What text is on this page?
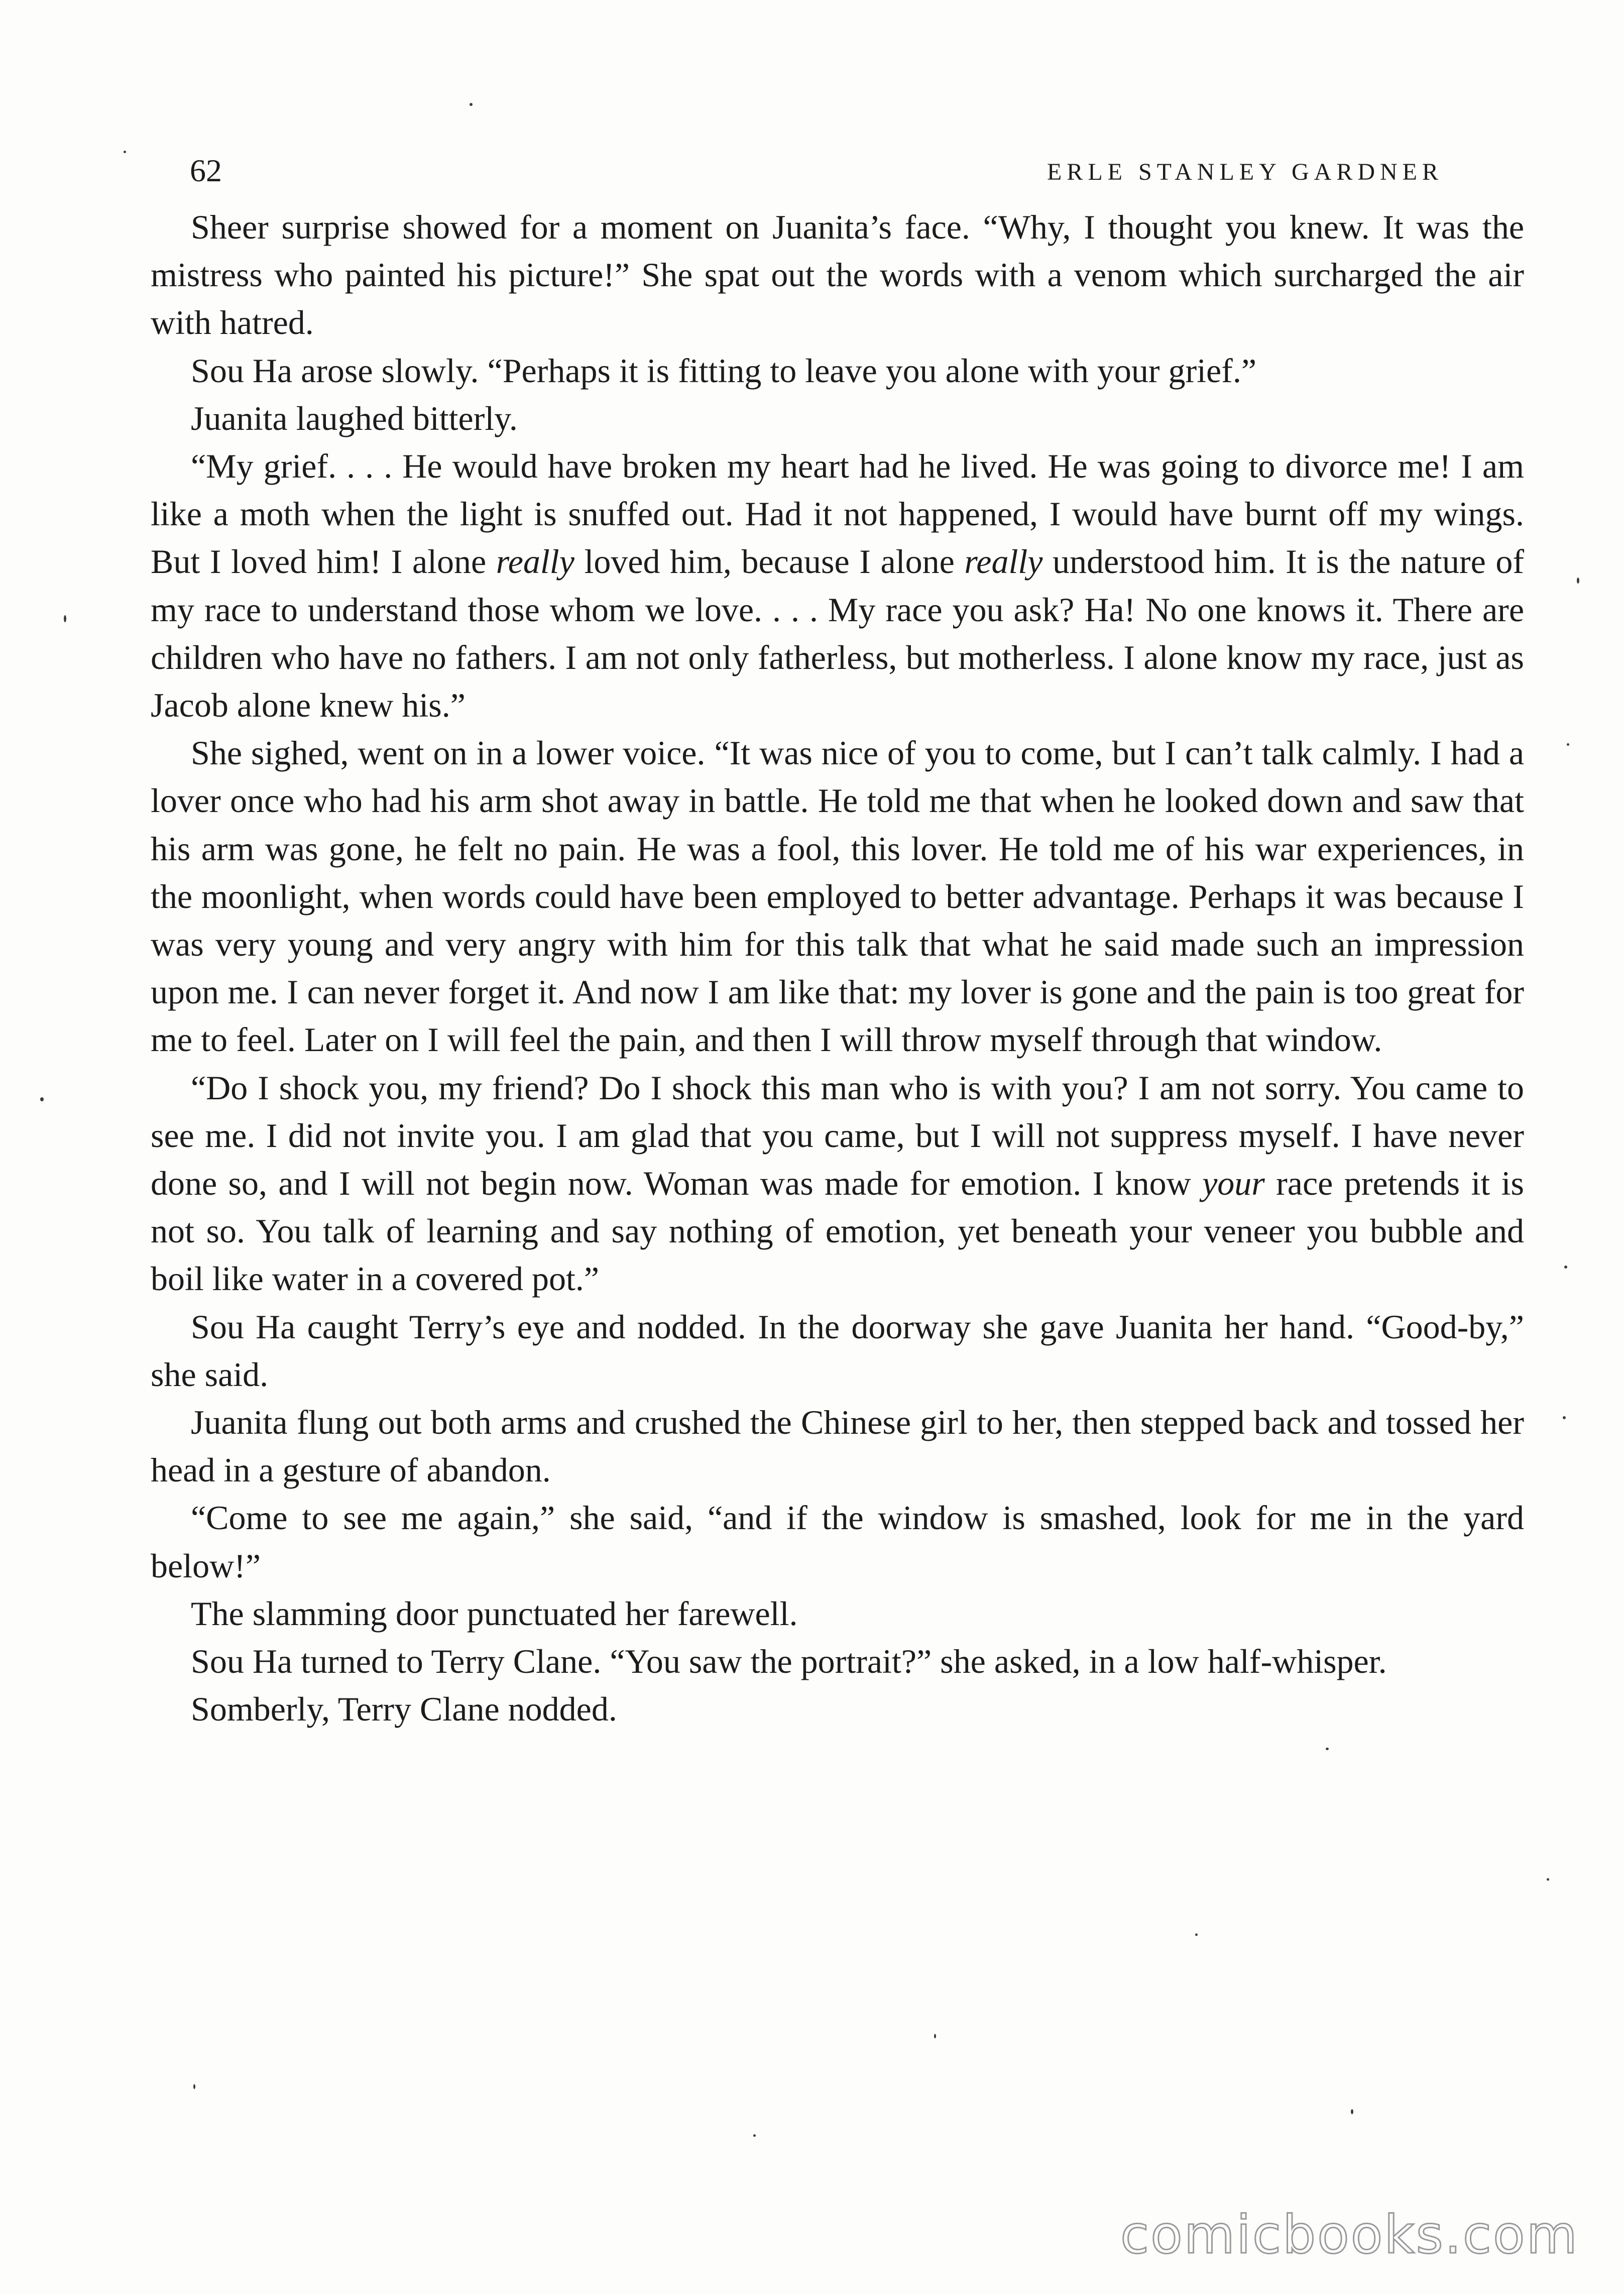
62	ERLE STANLEY GARDNER

Sheer surprise showed for a moment on Juanita’s face. “Why, I thought you knew. It was the mistress who painted his picture!” She spat out the words with a venom which surcharged the air with hatred.

Sou Ha arose slowly. “Perhaps it is fitting to leave you alone with your grief.”

Juanita laughed bitterly.

“My grief. . . . He would have broken my heart had he lived. He was going to divorce me! I am like a moth when the light is snuffed out. Had it not happened, I would have burnt off my wings. But I loved him! I alone really loved him, because I alone really understood him. It is the nature of my race to understand those whom we love. . . . My race you ask? Ha! No one knows it. There are children who have no fathers. I am not only fatherless, but motherless. I alone know my race, just as Jacob alone knew his.”

She sighed, went on in a lower voice. “It was nice of you to come, but I can’t talk calmly. I had a lover once who had his arm shot away in battle. He told me that when he looked down and saw that his arm was gone, he felt no pain. He was a fool, this lover. He told me of his war experiences, in the moonlight, when words could have been employed to better advantage. Perhaps it was because I was very young and very angry with him for this talk that what he said made such an impression upon me. I can never forget it. And now I am like that: my lover is gone and the pain is too great for me to feel. Later on I will feel the pain, and then I will throw myself through that window.

“Do I shock you, my friend? Do I shock this man who is with you? I am not sorry. You came to see me. I did not invite you. I am glad that you came, but I will not suppress myself. I have never done so, and I will not begin now. Woman was made for emotion. I know your race pretends it is not so. You talk of learning and say nothing of emotion, yet beneath your veneer you bubble and boil like water in a covered pot.”

Sou Ha caught Terry’s eye and nodded. In the doorway she gave Juanita her hand. “Good-by,” she said.

Juanita flung out both arms and crushed the Chinese girl to her, then stepped back and tossed her head in a gesture of abandon.

“Come to see me again,” she said, “and if the window is smashed, look for me in the yard below!”

The slamming door punctuated her farewell.

Sou Ha turned to Terry Clane. “You saw the portrait?” she asked, in a low half-whisper.

Somberly, Terry Clane nodded.

comicbooks.com
